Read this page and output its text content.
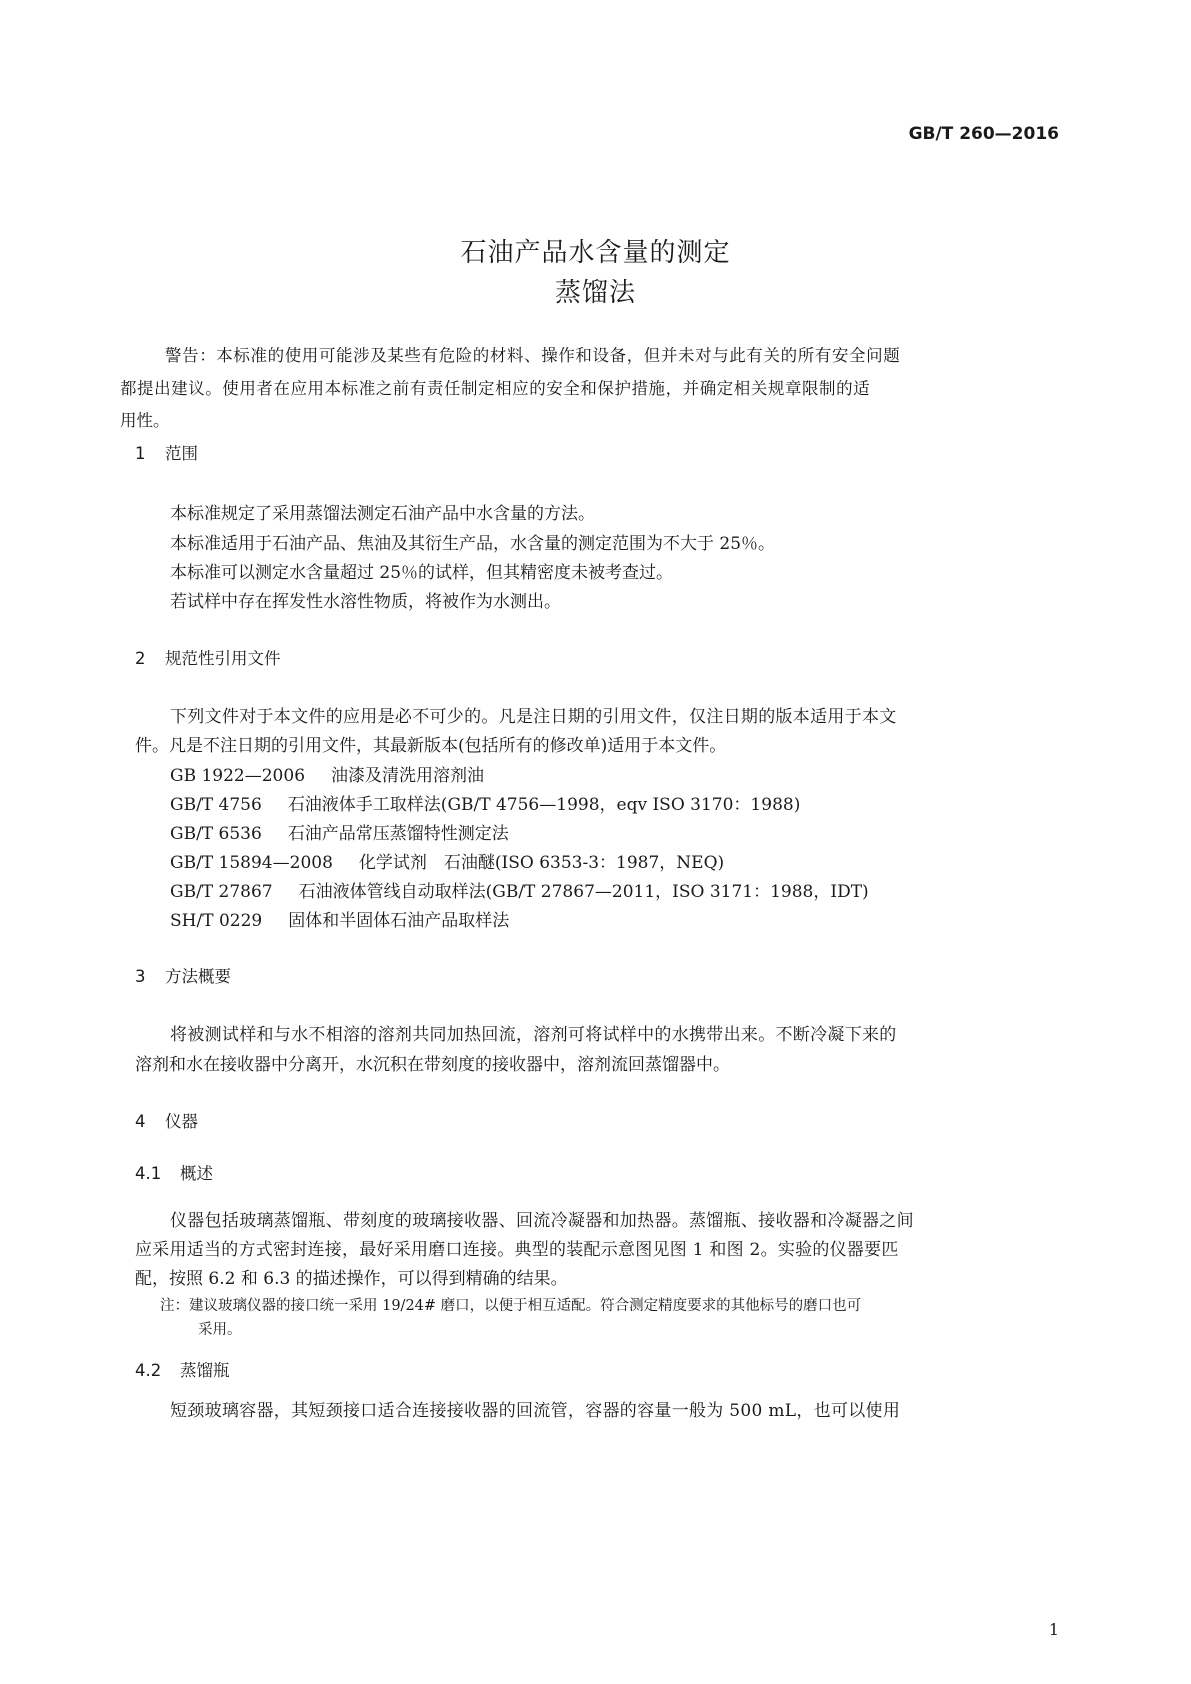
GB/T 260—2016
石油产品水含量的测定
蒸馏法
警告：本标准的使用可能涉及某些有危险的材料、操作和设备，但并未对与此有关的所有安全问题
都提出建议。使用者在应用本标准之前有责任制定相应的安全和保护措施，并确定相关规章限制的适
用性。
1 范围
本标准规定了采用蒸馏法测定石油产品中水含量的方法。
本标准适用于石油产品、焦油及其衍生产品，水含量的测定范围为不大于 25％。
本标准可以测定水含量超过 25％的试样，但其精密度未被考查过。
若试样中存在挥发性水溶性物质，将被作为水测出。
2 规范性引用文件
下列文件对于本文件的应用是必不可少的。凡是注日期的引用文件，仅注日期的版本适用于本文
件。凡是不注日期的引用文件，其最新版本(包括所有的修改单)适用于本文件。
GB 1922—2006 油漆及清洗用溶剂油
GB/T 4756 石油液体手工取样法(GB/T 4756—1998，eqv ISO 3170：1988)
GB/T 6536 石油产品常压蒸馏特性测定法
GB/T 15894—2008 化学试剂　石油醚(ISO 6353-3：1987，NEQ)
GB/T 27867 石油液体管线自动取样法(GB/T 27867—2011，ISO 3171：1988，IDT)
SH/T 0229 固体和半固体石油产品取样法
3 方法概要
将被测试样和与水不相溶的溶剂共同加热回流，溶剂可将试样中的水携带出来。不断冷凝下来的
溶剂和水在接收器中分离开，水沉积在带刻度的接收器中，溶剂流回蒸馏器中。
4 仪器
4.1 概述
仪器包括玻璃蒸馏瓶、带刻度的玻璃接收器、回流冷凝器和加热器。蒸馏瓶、接收器和冷凝器之间
应采用适当的方式密封连接，最好采用磨口连接。典型的装配示意图见图 1 和图 2。实验的仪器要匹
配，按照 6.2 和 6.3 的描述操作，可以得到精确的结果。
注：建议玻璃仪器的接口统一采用 19/24# 磨口，以便于相互适配。符合测定精度要求的其他标号的磨口也可
采用。
4.2 蒸馏瓶
短颈玻璃容器，其短颈接口适合连接接收器的回流管，容器的容量一般为 500 mL，也可以使用
1
